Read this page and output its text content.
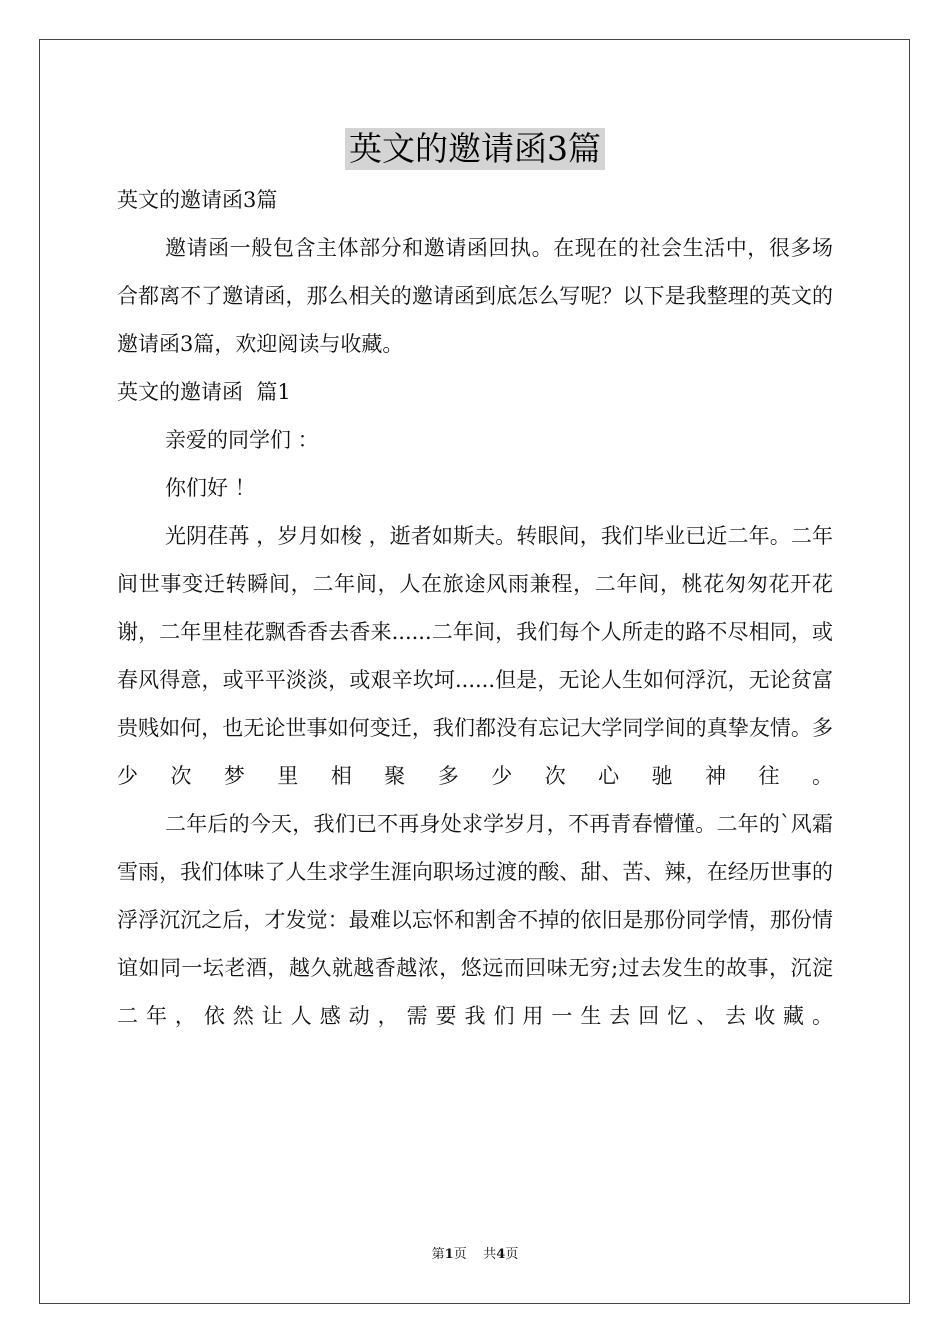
英文的邀请函3篇

英文的邀请函3篇

邀请函一般包含主体部分和邀请函回执。在现在的社会生活中，很多场合都离不了邀请函，那么相关的邀请函到底怎么写呢？以下是我整理的英文的邀请函3篇，欢迎阅读与收藏。

英文的邀请函  篇1

亲爱的同学们 ：

你们好 ！

光阴荏苒 ，岁月如梭 ，逝者如斯夫。转眼间，我们毕业已近二年。二年间世事变迁转瞬间，二年间，人在旅途风雨兼程，二年间，桃花匆匆花开花谢，二年里桂花飘香香去香来......二年间，我们每个人所走的路不尽相同，或春风得意，或平平淡淡，或艰辛坎坷......但是，无论人生如何浮沉，无论贫富贵贱如何，也无论世事如何变迁，我们都没有忘记大学同学间的真挚友情。多少次梦里相聚多少次心驰神往。

二年后的今天，我们已不再身处求学岁月，不再青春懵懂。二年的`风霜雪雨，我们体味了人生求学生涯向职场过渡的酸、甜、苦、辣，在经历世事的浮浮沉沉之后，才发觉：最难以忘怀和割舍不掉的依旧是那份同学情，那份情谊如同一坛老酒，越久就越香越浓，悠远而回味无穷;过去发生的故事，沉淀二年，依然让人感动，需要我们用一生去回忆、去收藏。

第1页 共4页
